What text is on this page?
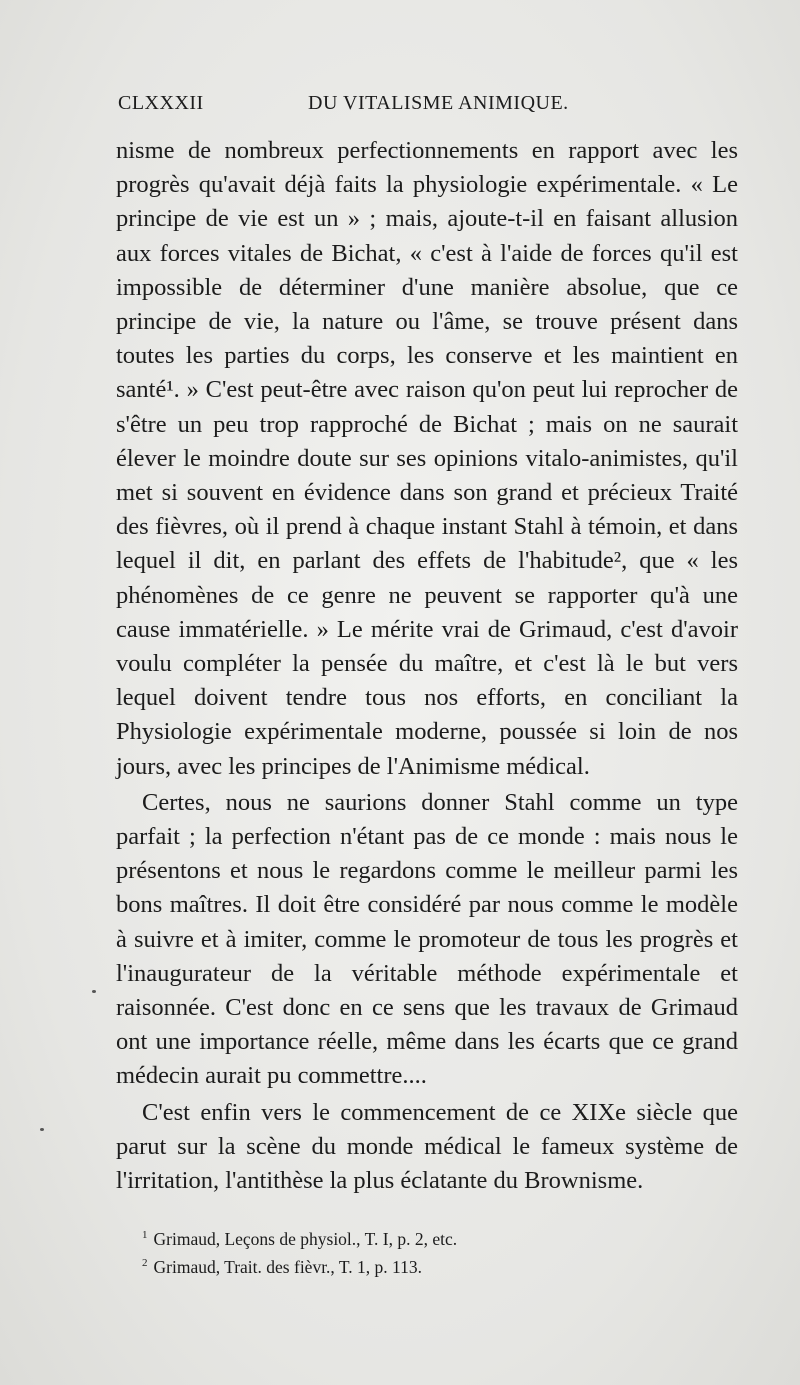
CLXXXII	DU VITALISME ANIMIQUE.

nisme de nombreux perfectionnements en rapport avec les progrès qu'avait déjà faits la physiologie expérimentale. « Le principe de vie est un » ; mais, ajoute-t-il en faisant allusion aux forces vitales de Bichat, « c'est à l'aide de forces qu'il est impossible de déterminer d'une manière absolue, que ce principe de vie, la nature ou l'âme, se trouve présent dans toutes les parties du corps, les conserve et les maintient en santé¹. » C'est peut-être avec raison qu'on peut lui reprocher de s'être un peu trop rapproché de Bichat ; mais on ne saurait élever le moindre doute sur ses opinions vitalo-animistes, qu'il met si souvent en évidence dans son grand et précieux Traité des fièvres, où il prend à chaque instant Stahl à témoin, et dans lequel il dit, en parlant des effets de l'habitude², que « les phénomènes de ce genre ne peuvent se rapporter qu'à une cause immatérielle. » Le mérite vrai de Grimaud, c'est d'avoir voulu compléter la pensée du maître, et c'est là le but vers lequel doivent tendre tous nos efforts, en conciliant la Physiologie expérimentale moderne, poussée si loin de nos jours, avec les principes de l'Animisme médical.

Certes, nous ne saurions donner Stahl comme un type parfait ; la perfection n'étant pas de ce monde : mais nous le présentons et nous le regardons comme le meilleur parmi les bons maîtres. Il doit être considéré par nous comme le modèle à suivre et à imiter, comme le promoteur de tous les progrès et l'inaugurateur de la véritable méthode expérimentale et raisonnée. C'est donc en ce sens que les travaux de Grimaud ont une importance réelle, même dans les écarts que ce grand médecin aurait pu commettre....

C'est enfin vers le commencement de ce XIXe siècle que parut sur la scène du monde médical le fameux système de l'irritation, l'antithèse la plus éclatante du Brownisme.

$^1$ Grimaud, Leçons de physiol., T. I, p. 2, etc.

$^2$ Grimaud, Trait. des fièvr., T. 1, p. 113.
